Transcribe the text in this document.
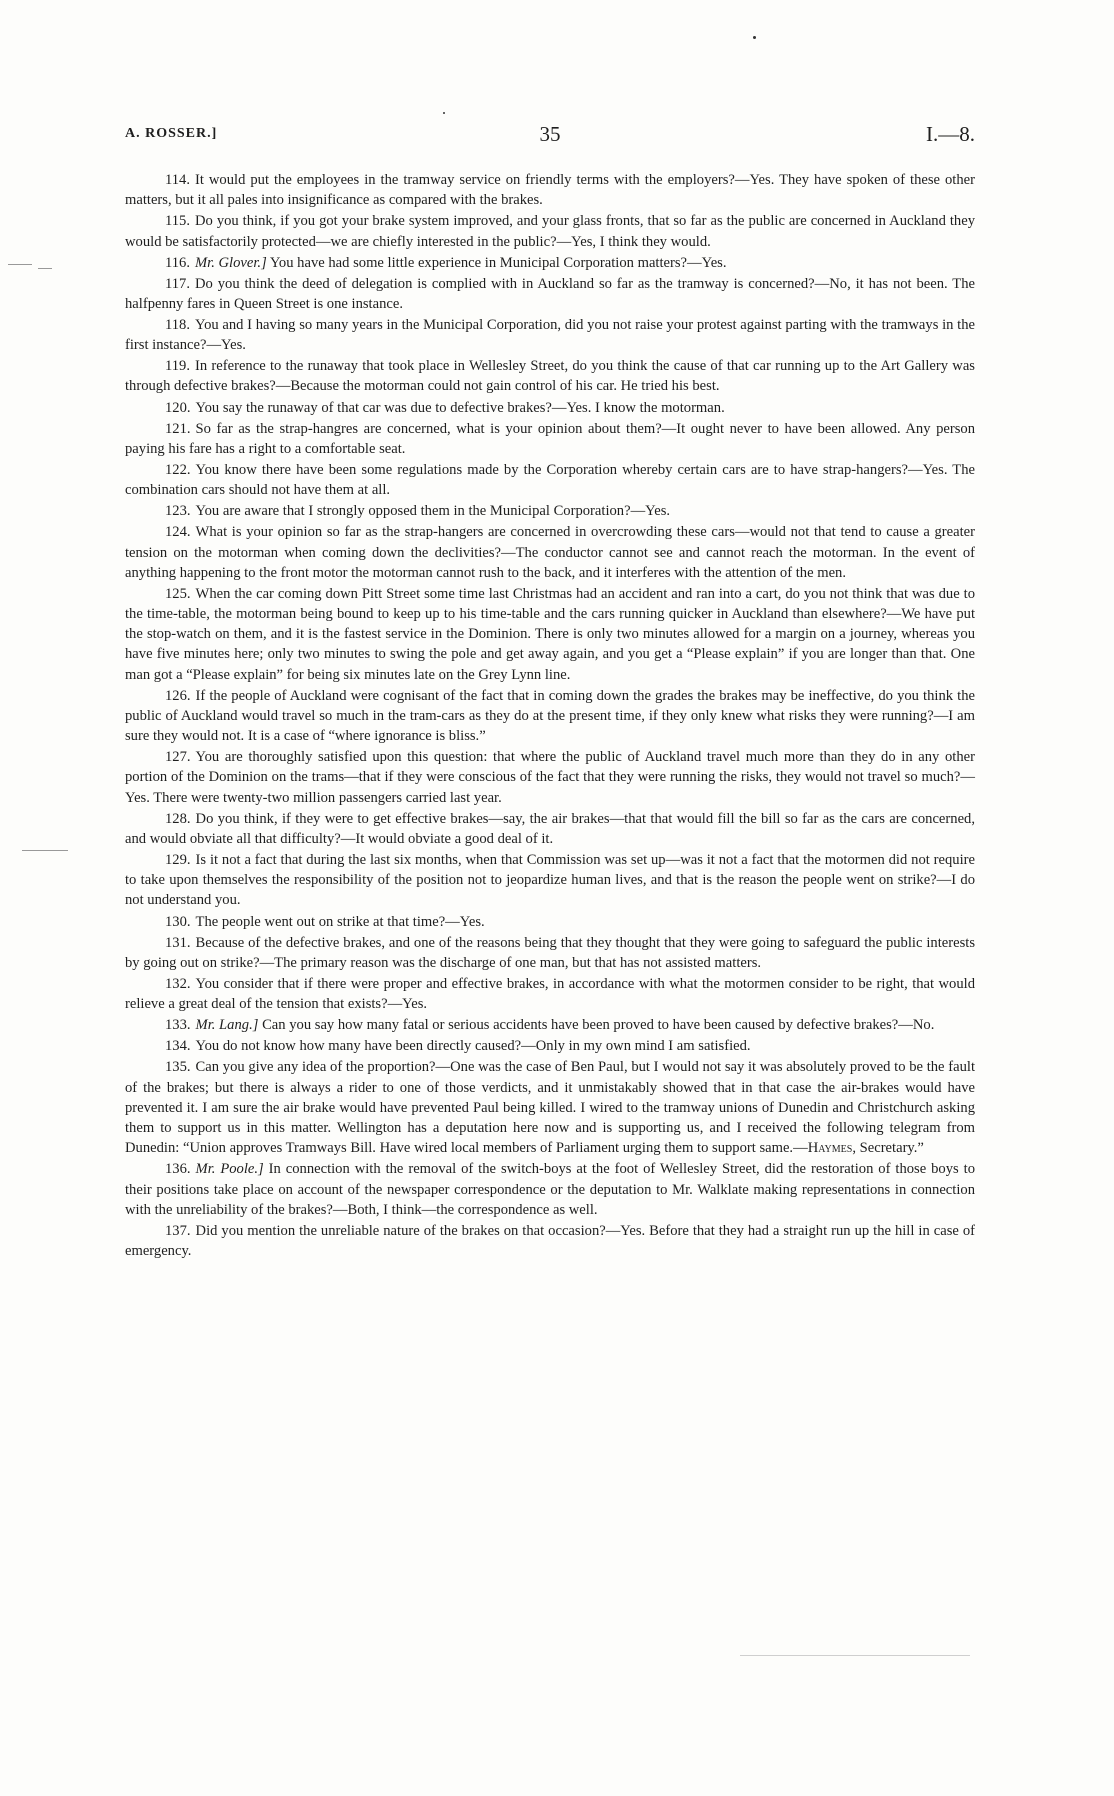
A. ROSSER.]	35	I.—8.

114. It would put the employees in the tramway service on friendly terms with the employers?—Yes. They have spoken of these other matters, but it all pales into insignificance as compared with the brakes.

115. Do you think, if you got your brake system improved, and your glass fronts, that so far as the public are concerned in Auckland they would be satisfactorily protected—we are chiefly interested in the public?—Yes, I think they would.

116. Mr. Glover.] You have had some little experience in Municipal Corporation matters?—Yes.

117. Do you think the deed of delegation is complied with in Auckland so far as the tramway is concerned?—No, it has not been. The halfpenny fares in Queen Street is one instance.

118. You and I having so many years in the Municipal Corporation, did you not raise your protest against parting with the tramways in the first instance?—Yes.

119. In reference to the runaway that took place in Wellesley Street, do you think the cause of that car running up to the Art Gallery was through defective brakes?—Because the motorman could not gain control of his car. He tried his best.

120. You say the runaway of that car was due to defective brakes?—Yes. I know the motorman.

121. So far as the strap-hangres are concerned, what is your opinion about them?—It ought never to have been allowed. Any person paying his fare has a right to a comfortable seat.

122. You know there have been some regulations made by the Corporation whereby certain cars are to have strap-hangers?—Yes. The combination cars should not have them at all.

123. You are aware that I strongly opposed them in the Municipal Corporation?—Yes.

124. What is your opinion so far as the strap-hangers are concerned in overcrowding these cars—would not that tend to cause a greater tension on the motorman when coming down the declivities?—The conductor cannot see and cannot reach the motorman. In the event of anything happening to the front motor the motorman cannot rush to the back, and it interferes with the attention of the men.

125. When the car coming down Pitt Street some time last Christmas had an accident and ran into a cart, do you not think that was due to the time-table, the motorman being bound to keep up to his time-table and the cars running quicker in Auckland than elsewhere?—We have put the stop-watch on them, and it is the fastest service in the Dominion. There is only two minutes allowed for a margin on a journey, whereas you have five minutes here; only two minutes to swing the pole and get away again, and you get a “Please explain” if you are longer than that. One man got a “Please explain” for being six minutes late on the Grey Lynn line.

126. If the people of Auckland were cognisant of the fact that in coming down the grades the brakes may be ineffective, do you think the public of Auckland would travel so much in the tram-cars as they do at the present time, if they only knew what risks they were running?—I am sure they would not. It is a case of “where ignorance is bliss.”

127. You are thoroughly satisfied upon this question: that where the public of Auckland travel much more than they do in any other portion of the Dominion on the trams—that if they were conscious of the fact that they were running the risks, they would not travel so much?—Yes. There were twenty-two million passengers carried last year.

128. Do you think, if they were to get effective brakes—say, the air brakes—that that would fill the bill so far as the cars are concerned, and would obviate all that difficulty?—It would obviate a good deal of it.

129. Is it not a fact that during the last six months, when that Commission was set up—was it not a fact that the motormen did not require to take upon themselves the responsibility of the position not to jeopardize human lives, and that is the reason the people went on strike?—I do not understand you.

130. The people went out on strike at that time?—Yes.

131. Because of the defective brakes, and one of the reasons being that they thought that they were going to safeguard the public interests by going out on strike?—The primary reason was the discharge of one man, but that has not assisted matters.

132. You consider that if there were proper and effective brakes, in accordance with what the motormen consider to be right, that would relieve a great deal of the tension that exists?—Yes.

133. Mr. Lang.] Can you say how many fatal or serious accidents have been proved to have been caused by defective brakes?—No.

134. You do not know how many have been directly caused?—Only in my own mind I am satisfied.

135. Can you give any idea of the proportion?—One was the case of Ben Paul, but I would not say it was absolutely proved to be the fault of the brakes; but there is always a rider to one of those verdicts, and it unmistakably showed that in that case the air-brakes would have prevented it. I am sure the air brake would have prevented Paul being killed. I wired to the tramway unions of Dunedin and Christchurch asking them to support us in this matter. Wellington has a deputation here now and is supporting us, and I received the following telegram from Dunedin: “Union approves Tramways Bill. Have wired local members of Parliament urging them to support same.—Haymes, Secretary.”

136. Mr. Poole.] In connection with the removal of the switch-boys at the foot of Wellesley Street, did the restoration of those boys to their positions take place on account of the newspaper correspondence or the deputation to Mr. Walklate making representations in connection with the unreliability of the brakes?—Both, I think—the correspondence as well.

137. Did you mention the unreliable nature of the brakes on that occasion?—Yes. Before that they had a straight run up the hill in case of emergency.
